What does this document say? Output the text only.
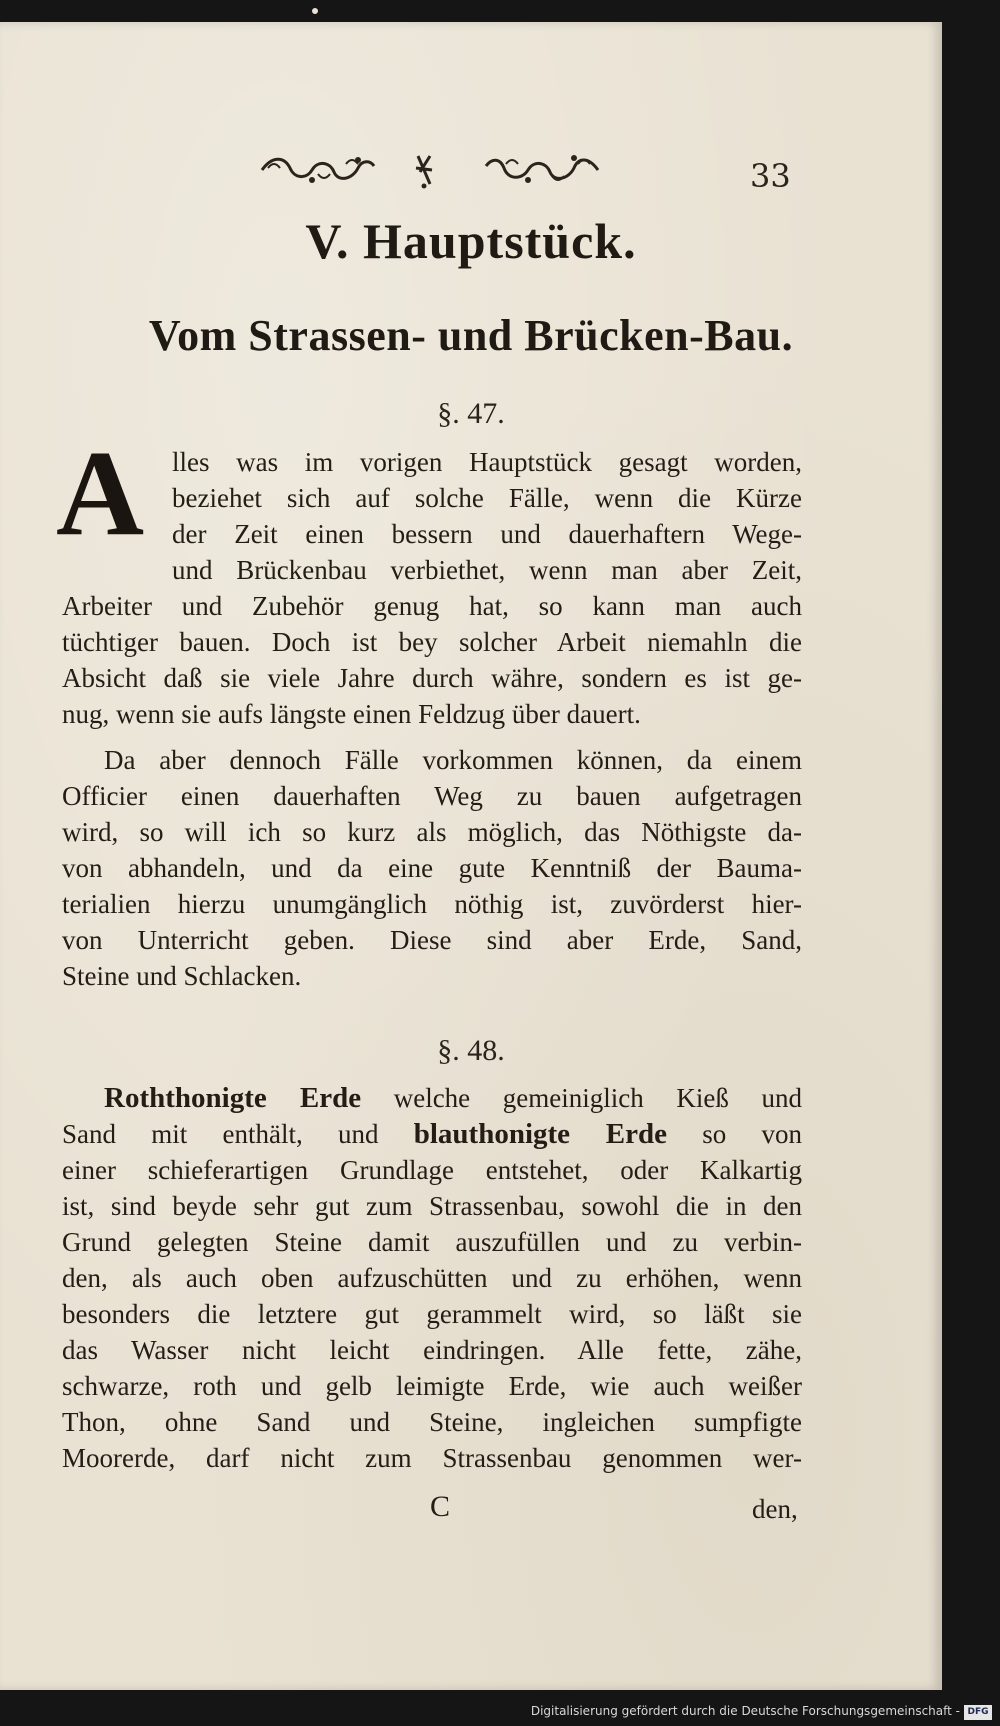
33
V. Hauptstück.
Vom Strassen- und Brücken-Bau.
§. 47.
A	lles was im vorigen Hauptstück gesagt worden,
beziehet sich auf solche Fälle, wenn die Kürze
der Zeit einen bessern und dauerhaftern Wege-
und Brückenbau verbiethet, wenn man aber Zeit,
Arbeiter und Zubehör genug hat, so kann man auch
tüchtiger bauen. Doch ist bey solcher Arbeit niemahln die
Absicht daß sie viele Jahre durch währe, sondern es ist ge-
nug, wenn sie aufs längste einen Feldzug über dauert.
Da aber dennoch Fälle vorkommen können, da einem
Officier einen dauerhaften Weg zu bauen aufgetragen
wird, so will ich so kurz als möglich, das Nöthigste da-
von abhandeln, und da eine gute Kenntniß der Bauma-
terialien hierzu unumgänglich nöthig ist, zuvörderst hier-
von Unterricht geben. Diese sind aber Erde, Sand,
Steine und Schlacken.
§. 48.
Roththonigte Erde welche gemeiniglich Kieß und
Sand mit enthält, und blauthonigte Erde so von
einer schieferartigen Grundlage entstehet, oder Kalkartig
ist, sind beyde sehr gut zum Strassenbau, sowohl die in den
Grund gelegten Steine damit auszufüllen und zu verbin-
den, als auch oben aufzuschütten und zu erhöhen, wenn
besonders die letztere gut gerammelt wird, so läßt sie
das Wasser nicht leicht eindringen. Alle fette, zähe,
schwarze, roth und gelb leimigte Erde, wie auch weißer
Thon, ohne Sand und Steine, ingleichen sumpfigte
Moorerde, darf nicht zum Strassenbau genommen wer-
C	den,
Digitalisierung gefördert durch die Deutsche Forschungsgemeinschaft - DFG
